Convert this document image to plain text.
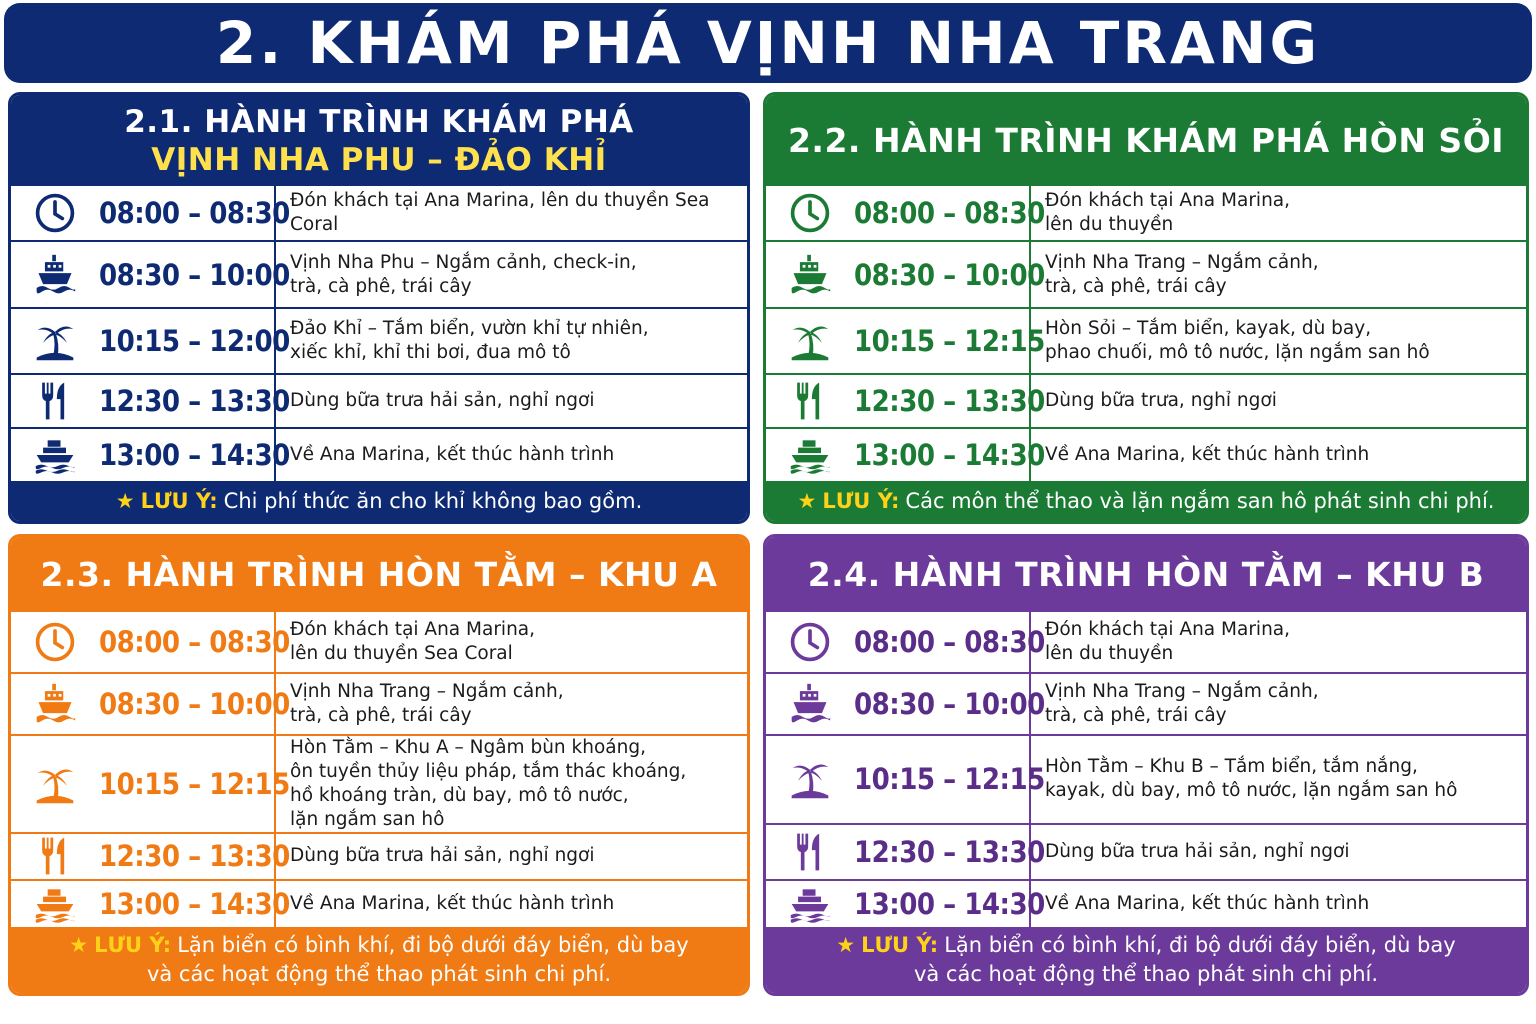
2. KHÁM PHÁ VỊNH NHA TRANG
2.1. HÀNH TRÌNH KHÁM PHÁ
VỊNH NHA PHU – ĐẢO KHỈ
08:00 – 08:30 Đón khách tại Ana Marina, lên du thuyền Sea Coral
08:30 – 10:00 Vịnh Nha Phu – Ngắm cảnh, check-in,
trà, cà phê, trái cây
10:15 – 12:00 Đảo Khỉ – Tắm biển, vườn khỉ tự nhiên,
xiếc khỉ, khỉ thi bơi, đua mô tô
12:30 – 13:30 Dùng bữa trưa hải sản, nghỉ ngơi
13:00 – 14:30 Về Ana Marina, kết thúc hành trình
★ LƯU Ý: Chi phí thức ăn cho khỉ không bao gồm.
2.2. HÀNH TRÌNH KHÁM PHÁ HÒN SỎI
08:00 – 08:30 Đón khách tại Ana Marina,
lên du thuyền
08:30 – 10:00 Vịnh Nha Trang – Ngắm cảnh,
trà, cà phê, trái cây
10:15 – 12:15 Hòn Sỏi – Tắm biển, kayak, dù bay,
phao chuối, mô tô nước, lặn ngắm san hô
12:30 – 13:30 Dùng bữa trưa, nghỉ ngơi
13:00 – 14:30 Về Ana Marina, kết thúc hành trình
★ LƯU Ý: Các môn thể thao và lặn ngắm san hô phát sinh chi phí.
2.3. HÀNH TRÌNH HÒN TẰM – KHU A
08:00 – 08:30 Đón khách tại Ana Marina,
lên du thuyền Sea Coral
08:30 – 10:00 Vịnh Nha Trang – Ngắm cảnh,
trà, cà phê, trái cây
10:15 – 12:15
Hòn Tằm – Khu A – Ngâm bùn khoáng,
ôn tuyền thủy liệu pháp, tắm thác khoáng,
hồ khoáng tràn, dù bay, mô tô nước,
lặn ngắm san hô
12:30 – 13:30 Dùng bữa trưa hải sản, nghỉ ngơi
13:00 – 14:30 Về Ana Marina, kết thúc hành trình
★ LƯU Ý: Lặn biển có bình khí, đi bộ dưới đáy biển, dù bay
và các hoạt động thể thao phát sinh chi phí.
2.4. HÀNH TRÌNH HÒN TẰM – KHU B
08:00 – 08:30 Đón khách tại Ana Marina,
lên du thuyền
08:30 – 10:00 Vịnh Nha Trang – Ngắm cảnh,
trà, cà phê, trái cây
10:15 – 12:15 Hòn Tằm – Khu B – Tắm biển, tắm nắng,
kayak, dù bay, mô tô nước, lặn ngắm san hô
12:30 – 13:30 Dùng bữa trưa hải sản, nghỉ ngơi
13:00 – 14:30 Về Ana Marina, kết thúc hành trình
★ LƯU Ý: Lặn biển có bình khí, đi bộ dưới đáy biển, dù bay
và các hoạt động thể thao phát sinh chi phí.
